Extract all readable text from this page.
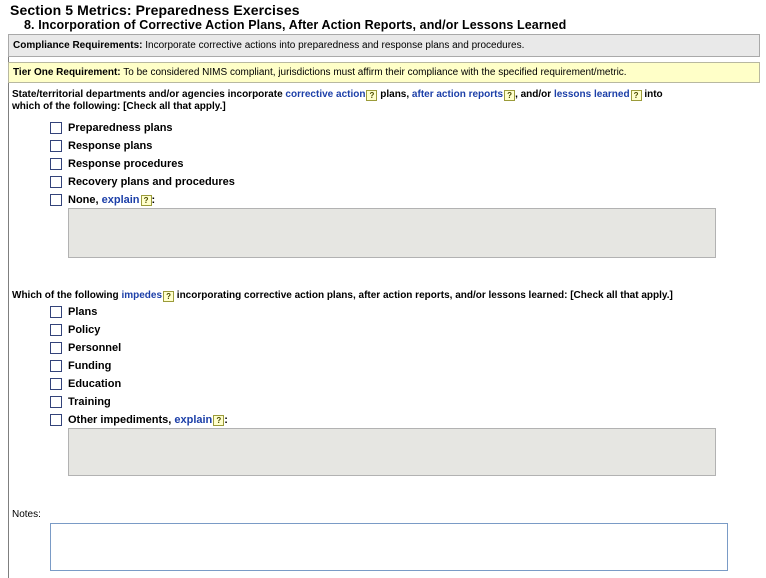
Section 5 Metrics: Preparedness Exercises
8. Incorporation of Corrective Action Plans, After Action Reports, and/or Lessons Learned
Compliance Requirements: Incorporate corrective actions into preparedness and response plans and procedures.
Tier One Requirement: To be considered NIMS compliant, jurisdictions must affirm their compliance with the specified requirement/metric.
State/territorial departments and/or agencies incorporate corrective action ? plans, after action reports ? , and/or lessons learned ? into
which of the following: [Check all that apply.]
Preparedness plans
Response plans
Response procedures
Recovery plans and procedures
None,
explain ? :
Which of the following impedes ? incorporating corrective action plans, after action reports, and/or lessons learned: [Check all that apply.]
Plans
Policy
Personnel
Funding
Education
Training
Other impediments,
explain ? :
Notes:
